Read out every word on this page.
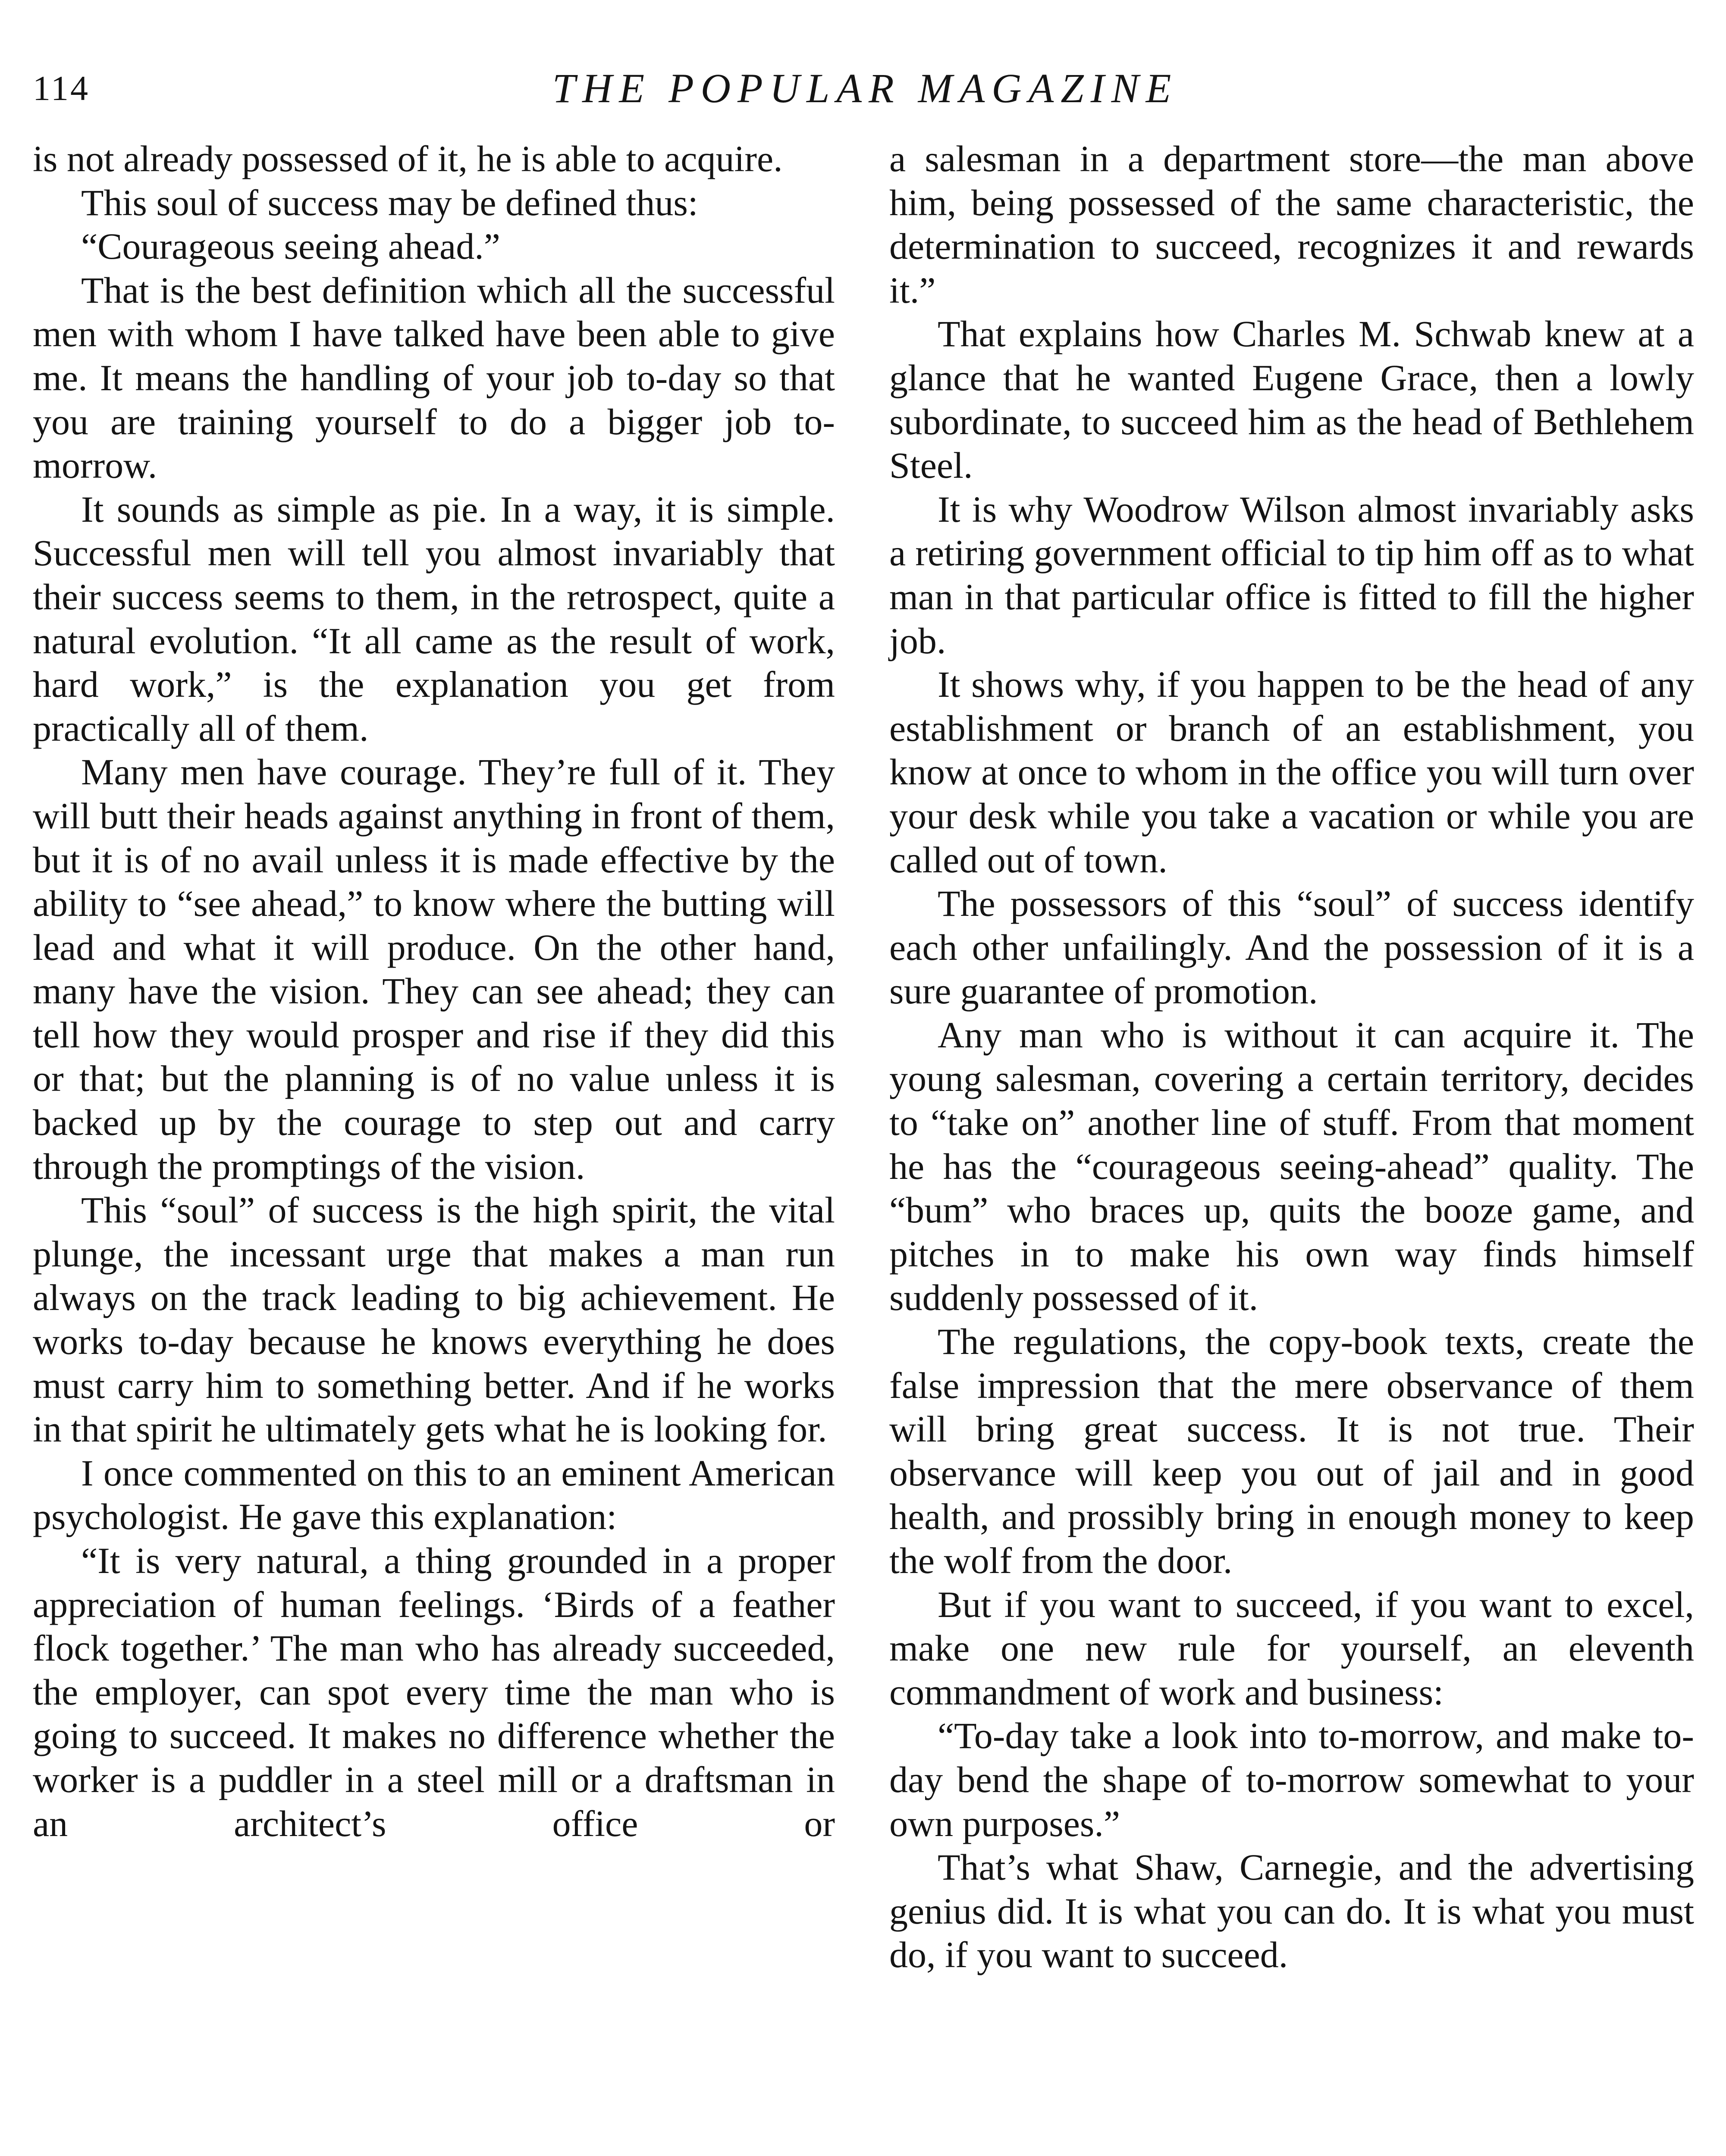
114	THE POPULAR MAGAZINE

is not already possessed of it, he is able to acquire.

This soul of success may be defined thus:

“Courageous seeing ahead.”

That is the best definition which all the successful men with whom I have talked have been able to give me. It means the handling of your job to-day so that you are training yourself to do a bigger job to-morrow.

It sounds as simple as pie. In a way, it is simple. Successful men will tell you almost invariably that their success seems to them, in the retrospect, quite a natural evolution. “It all came as the result of work, hard work,” is the explanation you get from practically all of them.

Many men have courage. They’re full of it. They will butt their heads against anything in front of them, but it is of no avail unless it is made effective by the ability to “see ahead,” to know where the butting will lead and what it will produce. On the other hand, many have the vision. They can see ahead; they can tell how they would prosper and rise if they did this or that; but the planning is of no value unless it is backed up by the courage to step out and carry through the promptings of the vision.

This “soul” of success is the high spirit, the vital plunge, the incessant urge that makes a man run always on the track leading to big achievement. He works to-day because he knows everything he does must carry him to something better. And if he works in that spirit he ultimately gets what he is looking for.

I once commented on this to an eminent American psychologist. He gave this explanation:

“It is very natural, a thing grounded in a proper appreciation of human feelings. ‘Birds of a feather flock together.’ The man who has already succeeded, the employer, can spot every time the man who is going to succeed. It makes no difference whether the worker is a puddler in a steel mill or a draftsman in an architect’s office or

a salesman in a department store—the man above him, being possessed of the same characteristic, the determination to succeed, recognizes it and rewards it.”

That explains how Charles M. Schwab knew at a glance that he wanted Eugene Grace, then a lowly subordinate, to succeed him as the head of Bethlehem Steel.

It is why Woodrow Wilson almost invariably asks a retiring government official to tip him off as to what man in that particular office is fitted to fill the higher job.

It shows why, if you happen to be the head of any establishment or branch of an establishment, you know at once to whom in the office you will turn over your desk while you take a vacation or while you are called out of town.

The possessors of this “soul” of success identify each other unfailingly. And the possession of it is a sure guarantee of promotion.

Any man who is without it can acquire it. The young salesman, covering a certain territory, decides to “take on” another line of stuff. From that moment he has the “courageous seeing-ahead” quality. The “bum” who braces up, quits the booze game, and pitches in to make his own way finds himself suddenly possessed of it.

The regulations, the copy-book texts, create the false impression that the mere observance of them will bring great success. It is not true. Their observance will keep you out of jail and in good health, and prossibly bring in enough money to keep the wolf from the door.

But if you want to succeed, if you want to excel, make one new rule for yourself, an eleventh commandment of work and business:

“To-day take a look into to-morrow, and make to-day bend the shape of to-morrow somewhat to your own purposes.”

That’s what Shaw, Carnegie, and the advertising genius did. It is what you can do. It is what you must do, if you want to succeed.
